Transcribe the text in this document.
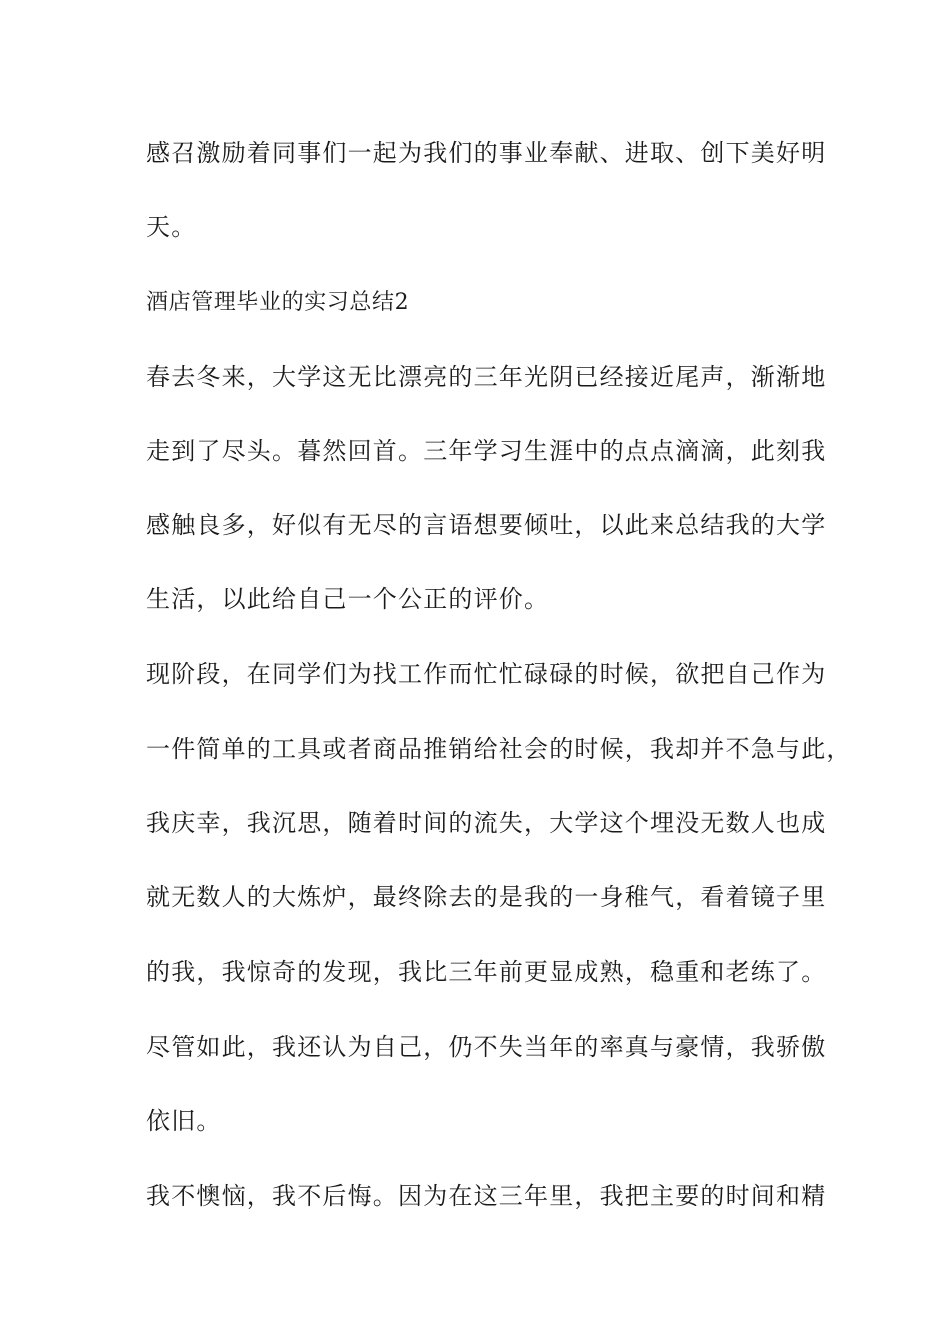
感召激励着同事们一起为我们的事业奉献、进取、创下美好明
天。
酒店管理毕业的实习总结2
春去冬来，大学这无比漂亮的三年光阴已经接近尾声，渐渐地
走到了尽头。暮然回首。三年学习生涯中的点点滴滴，此刻我
感触良多，好似有无尽的言语想要倾吐，以此来总结我的大学
生活，以此给自己一个公正的评价。
现阶段，在同学们为找工作而忙忙碌碌的时候，欲把自己作为
一件简单的工具或者商品推销给社会的时候，我却并不急与此，
我庆幸，我沉思，随着时间的流失，大学这个埋没无数人也成
就无数人的大炼炉，最终除去的是我的一身稚气，看着镜子里
的我，我惊奇的发现，我比三年前更显成熟，稳重和老练了。
尽管如此，我还认为自己，仍不失当年的率真与豪情，我骄傲
依旧。
我不懊恼，我不后悔。因为在这三年里，我把主要的时间和精
